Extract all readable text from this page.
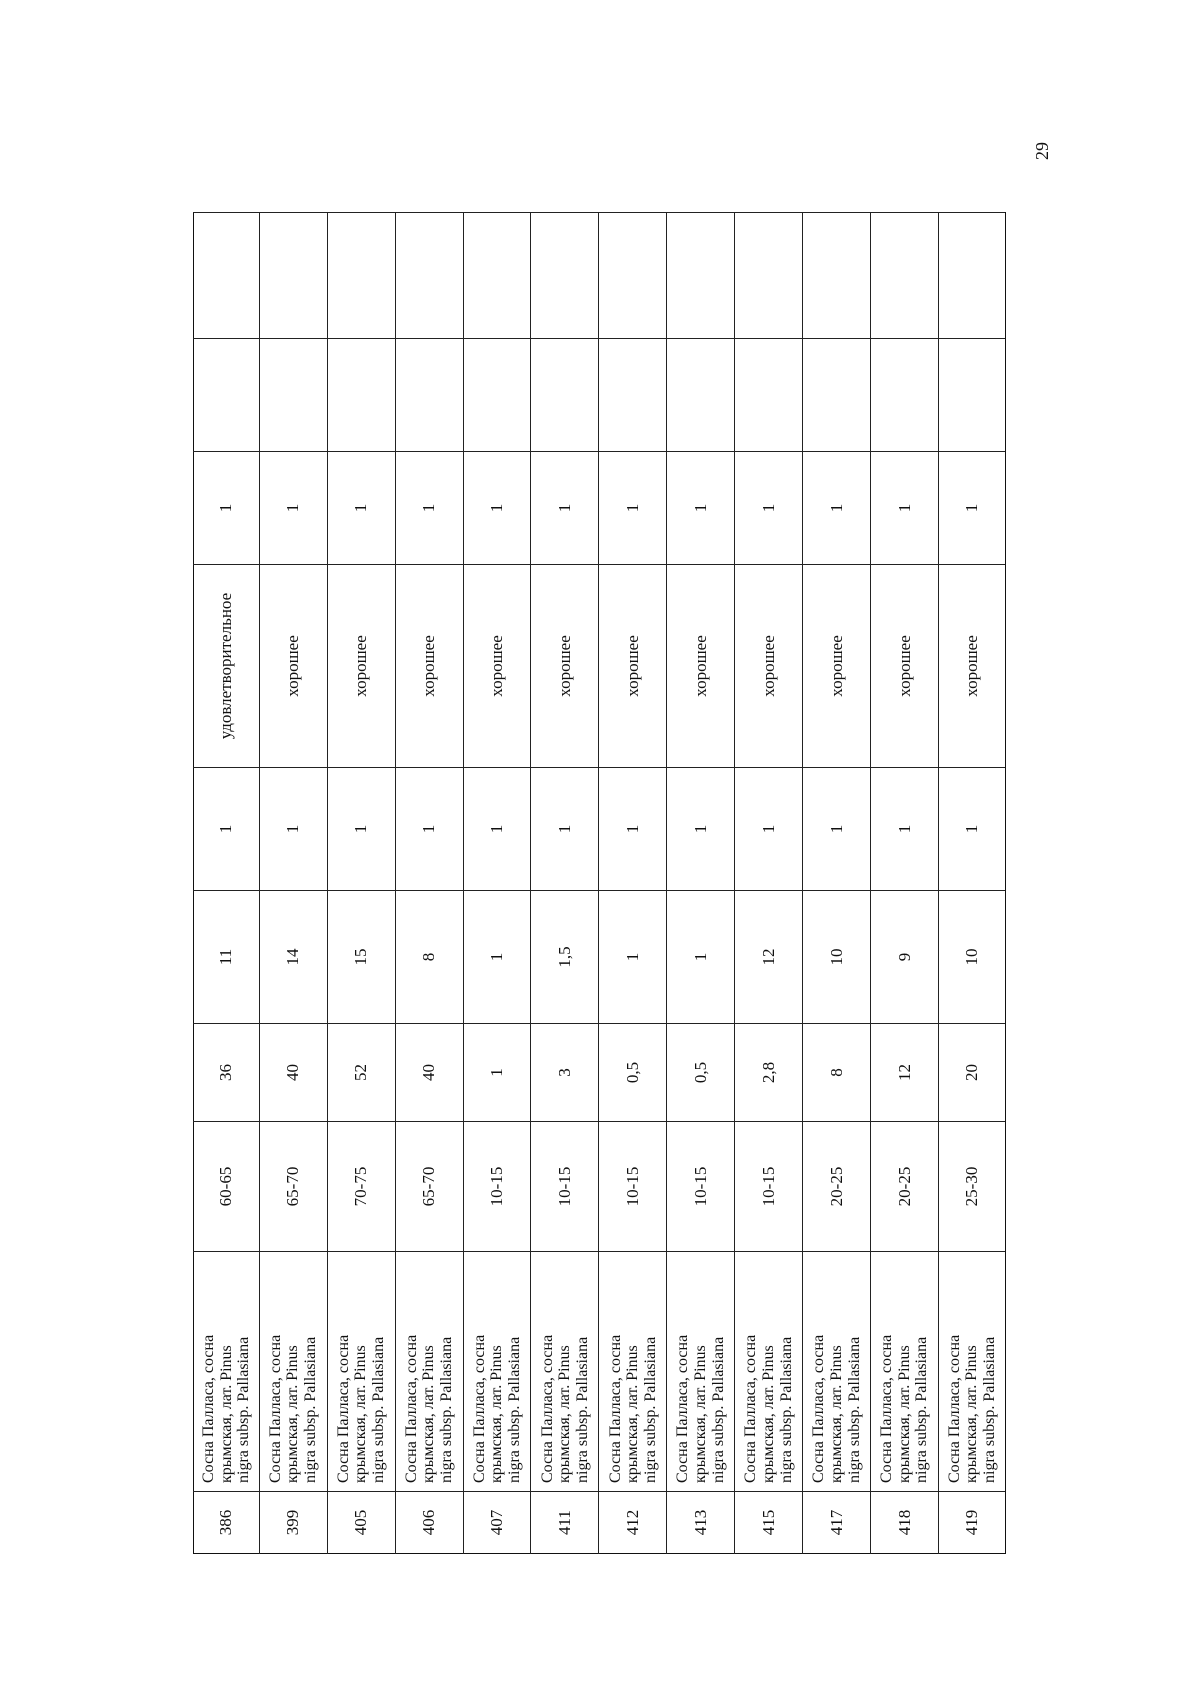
29
386	Сосна Паллаcа, сосна крымская, лат. Pinus nigra subsp. Pallasiana	60-65	36	11	1	удовлетворительное	1		
399	Сосна Паллаcа, сосна крымская, лат. Pinus nigra subsp. Pallasiana	65-70	40	14	1	хорошее	1		
405	Сосна Паллаcа, сосна крымская, лат. Pinus nigra subsp. Pallasiana	70-75	52	15	1	хорошее	1		
406	Сосна Паллаcа, сосна крымская, лат. Pinus nigra subsp. Pallasiana	65-70	40	8	1	хорошее	1		
407	Сосна Паллаcа, сосна крымская, лат. Pinus nigra subsp. Pallasiana	10-15	1	1	1	хорошее	1		
411	Сосна Паллаcа, сосна крымская, лат. Pinus nigra subsp. Pallasiana	10-15	3	1,5	1	хорошее	1		
412	Сосна Паллаcа, сосна крымская, лат. Pinus nigra subsp. Pallasiana	10-15	0,5	1	1	хорошее	1		
413	Сосна Паллаcа, сосна крымская, лат. Pinus nigra subsp. Pallasiana	10-15	0,5	1	1	хорошее	1		
415	Сосна Паллаcа, сосна крымская, лат. Pinus nigra subsp. Pallasiana	10-15	2,8	12	1	хорошее	1		
417	Сосна Паллаcа, сосна крымская, лат. Pinus nigra subsp. Pallasiana	20-25	8	10	1	хорошее	1		
418	Сосна Паллаcа, сосна крымская, лат. Pinus nigra subsp. Pallasiana	20-25	12	9	1	хорошее	1		
419	Сосна Паллаcа, сосна крымская, лат. Pinus nigra subsp. Pallasiana	25-30	20	10	1	хорошее	1		
